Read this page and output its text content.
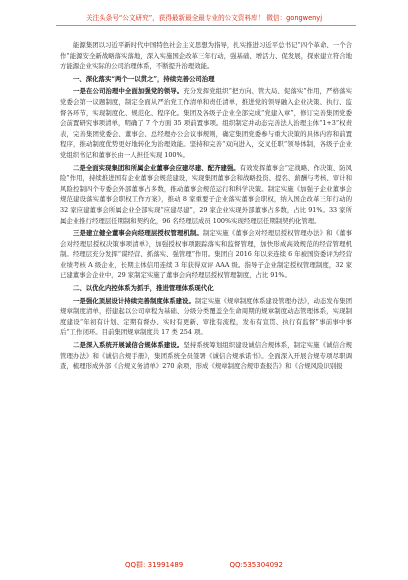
关注头条号“公文研究”，获得最新最全最专业的公文资料库！ 微信：gongwenyj

能源集团以习近平新时代中国特色社会主义思想为指导，扎实推进习近平总书记“四个革命、一个合作”能源安全新战略落实落地，深入实施国企改革三年行动，强基础、增活力、促发展，探索建立符合地方能源企业实际的公司治理体系，不断提升治理效能。

一、深化落实“两个一以贯之”，持续完善公司治理

一是在公司治理中全面加强党的领导。充分发挥党组织“把方向、管大局、促落实”作用，严格落实党委会第一议题制度，制定全面从严治党工作清单和责任清单，推进党的领导融入企业决策、执行、监督各环节，实现制度化、规范化、程序化。集团及各级子企业全部完成“党建入章”，修订完善集团党委会前置研究事项清单，明确了 7 个方面 35 项前置事项。组织制定并动态完善法人治理主体“1+3”权责表，完善集团党委会、董事会、总经理办公会议事规则，确定集团党委参与重大决策的具体内容和前置程序，推动制度优势更好地转化为治理效能。坚持和完善“双向进入，交叉任职”领导体制，各级子企业党组织书记和董事长由一人担任实现 100%。

二是全面实现集团和所属企业董事会应建尽建、配齐建强。有效发挥董事会“定战略、作决策、防风险”作用，持续推进国有企业董事会规范建设，实现集团董事会和战略投资、提名、薪酬与考核、审计和风险控制四个专委会外部董事占多数，推动董事会规范运行和科学决策。制定实施《加强子企业董事会规范建设落实董事会职权工作方案》，推动 8 家重要子企业落实董事会职权，纳入国企改革三年行动的 32 家应建董事会所属企业全部实现“应建尽建”，29 家企业实现外部董事占多数，占比 91%。33 家所属企业推行经理层任期制和契约化，96 名经理层成员 100%实现经理层任期制契约化管理。

三是建立健全董事会向经理层授权管理机制。制定实施《董事会对经理层授权管理办法》和《董事会对经理层授权决策事项清单》，加强授权事项跟踪落实和监督管理，加快形成高效规范的经营管理机制。经理层充分发挥“谋经营、抓落实、强管理”作用。集团自 2016 年以来连续 6 年被国资委评为经营业绩考核 A 级企业，长期主体信用连续 3 年获得双评 AAA 级。指导子企业制定授权管理制度，32 家已建董事会企业中，29 家制定实施了董事会向经理层授权管理制度，占比 91%。

二、以优化内控体系为抓手，推进管理体系现代化

一是强化顶层设计持续完善制度体系建设。制定实施《规章制度体系建设管理办法》，动态发布集团规章制度清单，搭建起以公司章程为基础、分级分类覆盖全生命周期的规章制度动态管理体系，实现制度建设“年初有计划、定期有督办、实时有更新、审批有流程，发布有宣贯、执行有监督”事前事中事后“工作闭环。目前集团规章制度共 17 类 254 项。

二是深入系统开展诚信合规体系建设。坚持系统筹划组织建设诚信合规体系，制定实施《诚信合规管理办法》和《诚信合规手册》，集团系统全员签署《诚信合规承诺书》。全面深入开展合规专项尽职调查，梳理形成外部《合规义务清单》270 余项，形成《规章制度合规审查报告》和《合规风险识别报

QQ群: 31991489	QQ:535304092
